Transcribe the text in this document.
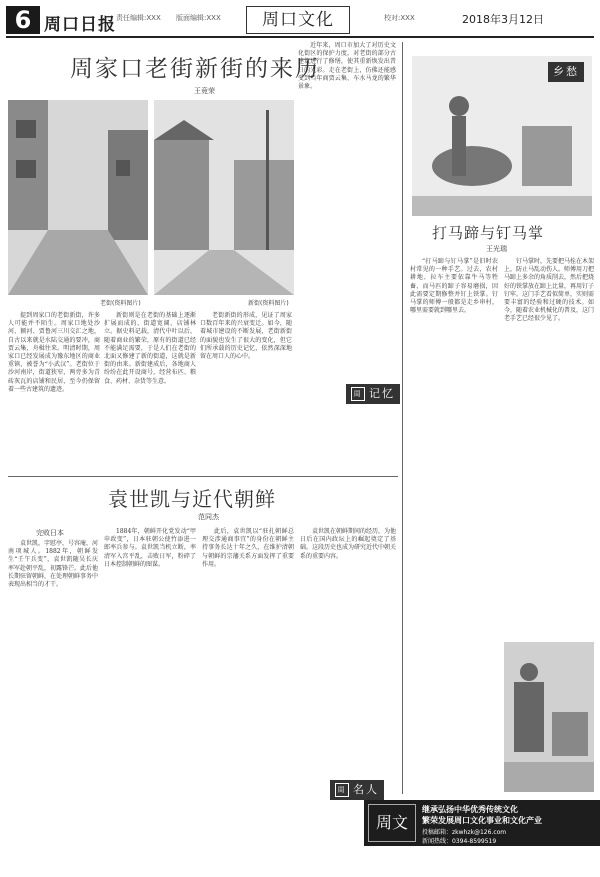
6 周口日报 责任编辑:XXX 版面编辑:XXX	周口文化	校对:XXX	2018年3月12日
周家口老街新街的来历
王竟荣
老街(资料图片)	新街(资料图片)

提到周家口的老街新街，许多人可能并不陌生。周家口地处沙河、颍河、贾鲁河三川交汇之地，自古以来就是水陆交通的要冲，商贾云集，舟楫往来。明清时期，周家口已经发展成为豫东地区的商业重镇，被誉为“小武汉”。老街位于沙河南岸，街道狭窄，两旁多为青砖灰瓦的店铺和民居，至今仍保留着一些古建筑的遗迹。

新街则是在老街的基础上逐渐扩展而成的，街道宽阔，店铺林立。据史料记载，清代中叶以后，随着商业的繁荣，原有的街道已经不能满足需要，于是人们在老街的北面又修建了新的街道，这就是新街的由来。新街建成后，各地商人纷纷在此开设商号，经营布匹、粮食、药材、杂货等生意。

老街新街的形成，见证了周家口数百年来的兴衰变迁。如今，随着城市建设的不断发展，老街新街的面貌也发生了很大的变化，但它们所承载的历史记忆，依然深深地留在周口人的心中。

近年来，周口市加大了对历史文化街区的保护力度，对老街的部分古建筑进行了修缮，使其重新焕发出昔日的光彩。走在老街上，仿佛还能感受到当年商贾云集、车水马龙的繁华景象。

周 记忆
乡愁
打马蹄与钉马掌
王光瑞

“打马蹄与钉马掌”是旧时农村常见的一种手艺。过去，农村耕地、拉车主要依靠牛马等牲畜，而马匹的蹄子容易磨损，因此需要定期修整并钉上铁掌。钉马掌的师傅一般都是走乡串村，哪里需要就到哪里去。

钉马掌时，先要把马拴在木架上，防止马乱动伤人。师傅用刀把马蹄上多余的角质削去，然后把烧好的铁掌放在蹄上比量，再用钉子钉牢。这门手艺看似简单，实则需要丰富的经验和过硬的技术。如今，随着农业机械化的普及，这门老手艺已经很少见了。

袁世凯与近代朝鲜
范同杰
完败日本

袁世凯，字慰亭，号容庵，河南项城人。1882年，朝鲜发生“壬午兵变”，袁世凯随吴长庆率军赴朝平乱，初露锋芒。此后他长期驻留朝鲜，在处理朝鲜事务中表现出相当的才干。

1884年，朝鲜开化党发动“甲申政变”，日本驻朝公使竹添进一郎率兵参与。袁世凯当机立断，率清军入宫平乱，击败日军，粉碎了日本控制朝鲜的图谋。

此后，袁世凯以“驻扎朝鲜总理交涉通商事宜”的身份在朝鲜主持事务长达十年之久，在维护清朝与朝鲜的宗藩关系方面发挥了重要作用。

袁世凯在朝鲜期间的经历，为他日后在国内政坛上的崛起奠定了基础。这段历史也成为研究近代中朝关系的重要内容。

周 名人
周文化
继承弘扬中华优秀传统文化
繁荣发展周口文化事业和文化产业
投稿邮箱：zkwhzk@126.com
新闻热线：0394-8599519
